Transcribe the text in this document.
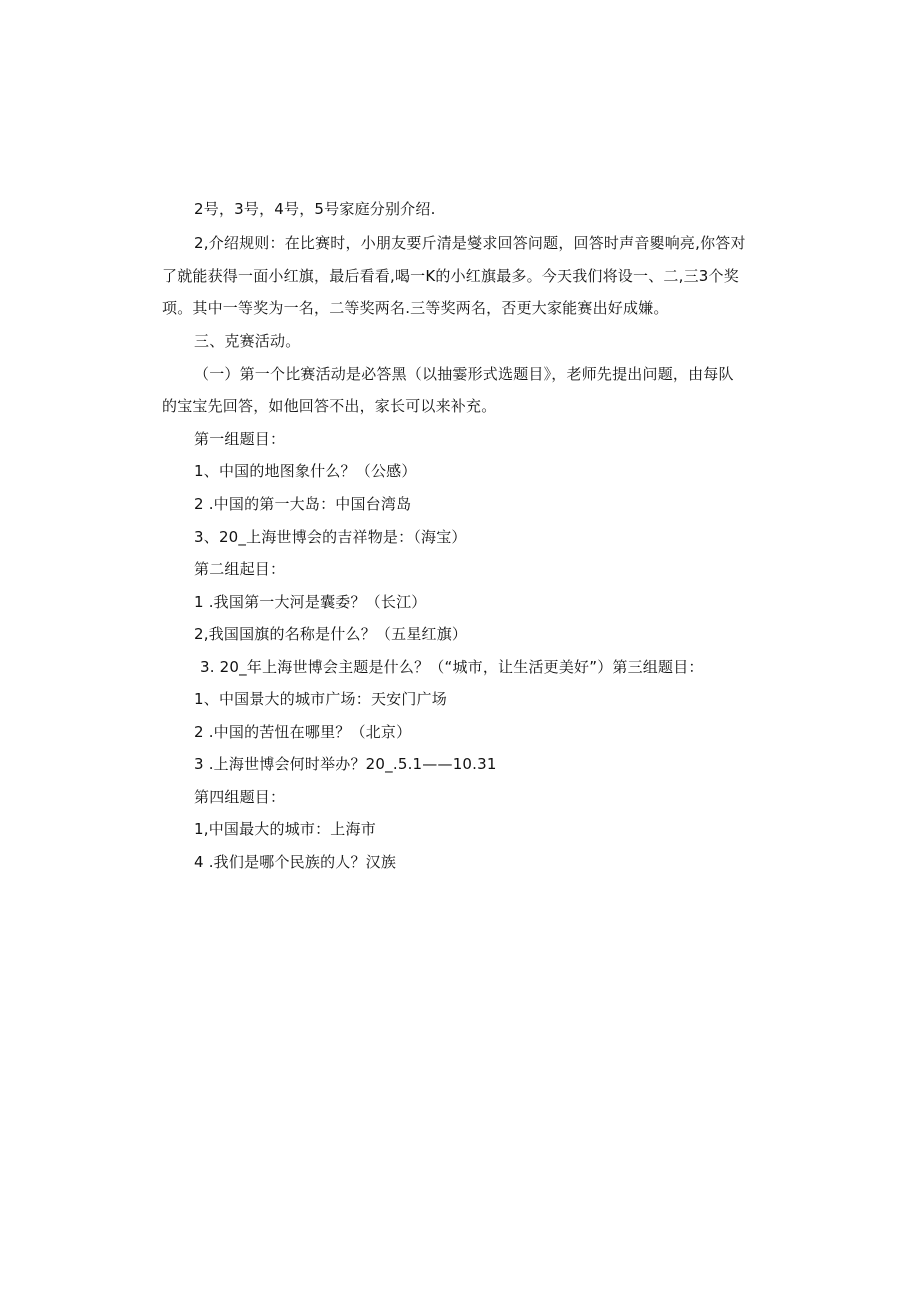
2号，3号，4号，5号家庭分别介绍.
2,介绍规则：在比赛时，小朋友要斤清是燮求回答问题，回答时声音夓响亮,你答对
了就能获得一面小红旗，最后看看,喝一K的小红旗最多。今天我们将设一、二,三3个奖
项。其中一等奖为一名，二等奖两名.三等奖两名，否更大家能赛出好成嫌。
三、克赛活动。
（一）第一个比赛活动是必答黑（以抽霎形式选题目》，老师先提出问题，由每队
的宝宝先回答，如他回答不出，家长可以来补充。
第一组题目：
1、中国的地图象什么？（公感）
2 .中国的第一大岛：中国台湾岛
3、20_上海世博会的吉祥物是：（海宝）
第二组起目：
1 .我国第一大河是囊委？（长江）
2,我国国旗的名称是什么？（五星红旗）
3. 20_年上海世博会主题是什么？（“城市，让生活更美好”）第三组题目：
1、中国景大的城市广场：天安门广场
2 .中国的苦忸在哪里？（北京）
3 .上海世博会何时举办？20_.5.1——10.31
第四组题目：
1,中国最大的城市：上海市
4 .我们是哪个民族的人？汉族
